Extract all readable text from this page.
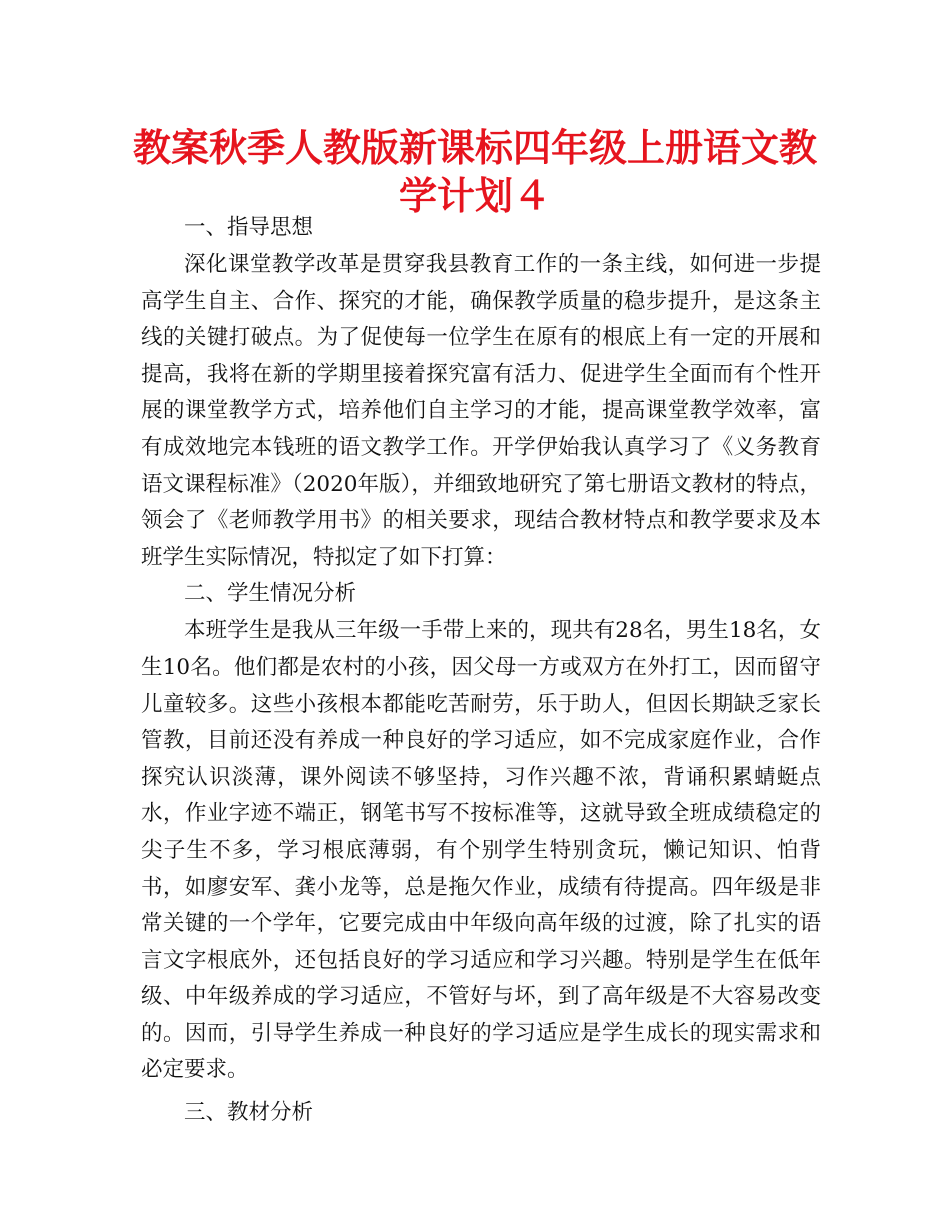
教案秋季人教版新课标四年级上册语文教
学计划４

一、指导思想

深化课堂教学改革是贯穿我县教育工作的一条主线，如何进一步提高学生自主、合作、探究的才能，确保教学质量的稳步提升，是这条主线的关键打破点。为了促使每一位学生在原有的根底上有一定的开展和提高，我将在新的学期里接着探究富有活力、促进学生全面而有个性开展的课堂教学方式，培养他们自主学习的才能，提高课堂教学效率，富有成效地完本钱班的语文教学工作。开学伊始我认真学习了《义务教育语文课程标准》（2020年版），并细致地研究了第七册语文教材的特点，领会了《老师教学用书》的相关要求，现结合教材特点和教学要求及本班学生实际情况，特拟定了如下打算：

二、学生情况分析

本班学生是我从三年级一手带上来的，现共有28名，男生18名，女生10名。他们都是农村的小孩，因父母一方或双方在外打工，因而留守儿童较多。这些小孩根本都能吃苦耐劳，乐于助人，但因长期缺乏家长管教，目前还没有养成一种良好的学习适应，如不完成家庭作业，合作探究认识淡薄，课外阅读不够坚持，习作兴趣不浓，背诵积累蜻蜓点水，作业字迹不端正，钢笔书写不按标准等，这就导致全班成绩稳定的尖子生不多，学习根底薄弱，有个别学生特别贪玩，懒记知识、怕背书，如廖安军、龚小龙等，总是拖欠作业，成绩有待提高。四年级是非常关键的一个学年，它要完成由中年级向高年级的过渡，除了扎实的语言文字根底外，还包括良好的学习适应和学习兴趣。特别是学生在低年级、中年级养成的学习适应，不管好与坏，到了高年级是不大容易改变的。因而，引导学生养成一种良好的学习适应是学生成长的现实需求和必定要求。

三、教材分析
